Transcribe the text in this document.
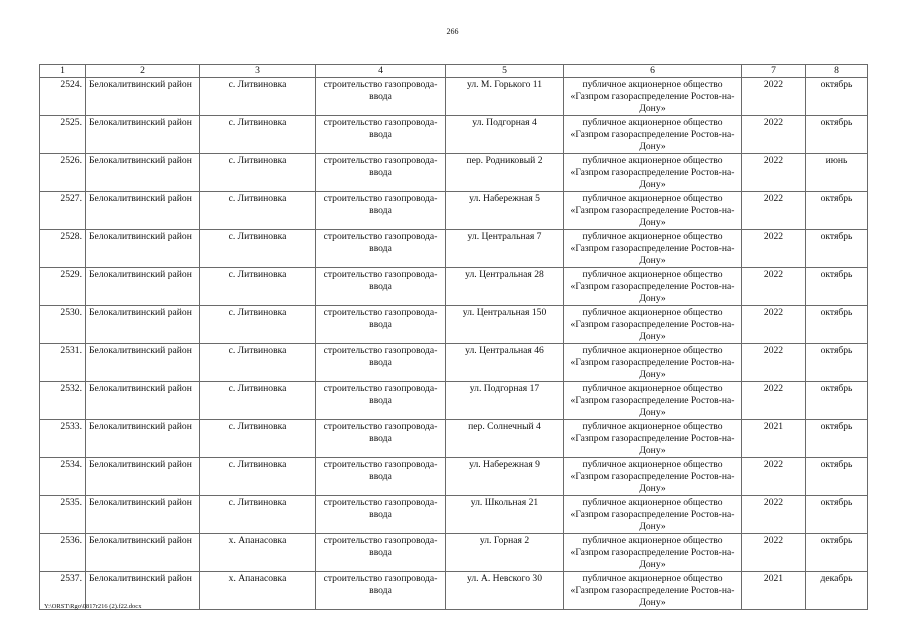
266
1	2	3	4	5	6	7	8
2524.	Белокалитвинский район	с. Литвиновка	строительство газопровода-ввода	ул. М. Горького 11	публичное акционерное общество «Газпром газораспределение Ростов-на-Дону»	2022	октябрь
2525.	Белокалитвинский район	с. Литвиновка	строительство газопровода-ввода	ул. Подгорная 4	публичное акционерное общество «Газпром газораспределение Ростов-на-Дону»	2022	октябрь
2526.	Белокалитвинский район	с. Литвиновка	строительство газопровода-ввода	пер. Родниковый 2	публичное акционерное общество «Газпром газораспределение Ростов-на-Дону»	2022	июнь
2527.	Белокалитвинский район	с. Литвиновка	строительство газопровода-ввода	ул. Набережная 5	публичное акционерное общество «Газпром газораспределение Ростов-на-Дону»	2022	октябрь
2528.	Белокалитвинский район	с. Литвиновка	строительство газопровода-ввода	ул. Центральная 7	публичное акционерное общество «Газпром газораспределение Ростов-на-Дону»	2022	октябрь
2529.	Белокалитвинский район	с. Литвиновка	строительство газопровода-ввода	ул. Центральная 28	публичное акционерное общество «Газпром газораспределение Ростов-на-Дону»	2022	октябрь
2530.	Белокалитвинский район	с. Литвиновка	строительство газопровода-ввода	ул. Центральная 150	публичное акционерное общество «Газпром газораспределение Ростов-на-Дону»	2022	октябрь
2531.	Белокалитвинский район	с. Литвиновка	строительство газопровода-ввода	ул. Центральная 46	публичное акционерное общество «Газпром газораспределение Ростов-на-Дону»	2022	октябрь
2532.	Белокалитвинский район	с. Литвиновка	строительство газопровода-ввода	ул. Подгорная 17	публичное акционерное общество «Газпром газораспределение Ростов-на-Дону»	2022	октябрь
2533.	Белокалитвинский район	с. Литвиновка	строительство газопровода-ввода	пер. Солнечный 4	публичное акционерное общество «Газпром газораспределение Ростов-на-Дону»	2021	октябрь
2534.	Белокалитвинский район	с. Литвиновка	строительство газопровода-ввода	ул. Набережная 9	публичное акционерное общество «Газпром газораспределение Ростов-на-Дону»	2022	октябрь
2535.	Белокалитвинский район	с. Литвиновка	строительство газопровода-ввода	ул. Школьная 21	публичное акционерное общество «Газпром газораспределение Ростов-на-Дону»	2022	октябрь
2536.	Белокалитвинский район	х. Апанасовка	строительство газопровода-ввода	ул. Горная 2	публичное акционерное общество «Газпром газораспределение Ростов-на-Дону»	2022	октябрь
2537.	Белокалитвинский район	х. Апанасовка	строительство газопровода-ввода	ул. А. Невского 30	публичное акционерное общество «Газпром газораспределение Ростов-на-Дону»	2021	декабрь
Y:\ORST\Rgo\0817r216 (2).f22.docx
